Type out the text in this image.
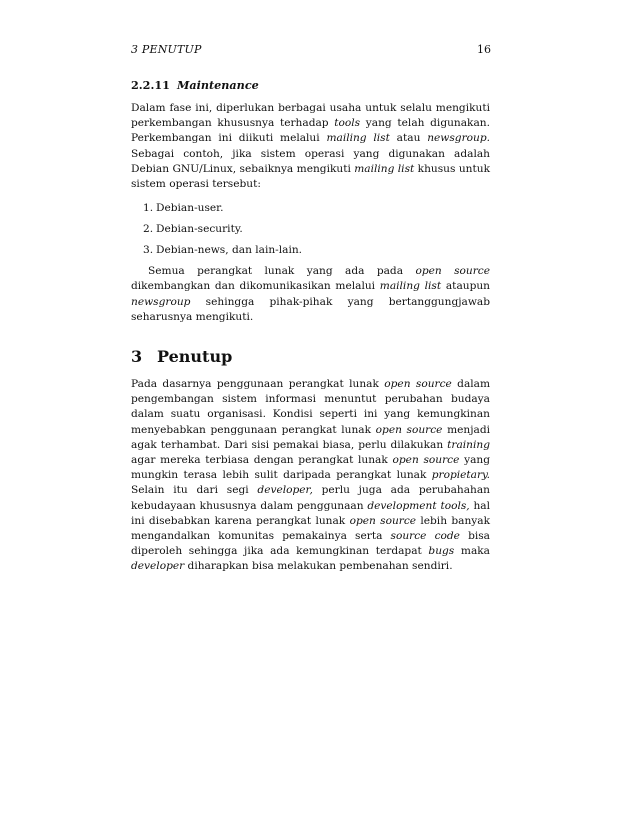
3 PENUTUP	16
2.2.11 Maintenance

Dalam fase ini, diperlukan berbagai usaha untuk selalu mengikuti perkembangan khususnya terhadap tools yang telah digunakan. Perkembangan ini diikuti melalui mailing list atau newsgroup. Sebagai contoh, jika sistem operasi yang digunakan adalah Debian GNU/Linux, sebaiknya mengikuti mailing list khusus untuk sistem operasi tersebut:

1. Debian-user.
2. Debian-security.
3. Debian-news, dan lain-lain.

Semua perangkat lunak yang ada pada open source dikembangkan dan dikomunikasikan melalui mailing list ataupun newsgroup sehingga pihak-pihak yang bertanggungjawab seharusnya mengikuti.

3 Penutup

Pada dasarnya penggunaan perangkat lunak open source dalam pengembangan sistem informasi menuntut perubahan budaya dalam suatu organisasi. Kondisi seperti ini yang kemungkinan menyebabkan penggunaan perangkat lunak open source menjadi agak terhambat. Dari sisi pemakai biasa, perlu dilakukan training agar mereka terbiasa dengan perangkat lunak open source yang mungkin terasa lebih sulit daripada perangkat lunak propietary. Selain itu dari segi developer, perlu juga ada perubahahan kebudayaan khususnya dalam penggunaan development tools, hal ini disebabkan karena perangkat lunak open source lebih banyak mengandalkan komunitas pemakainya serta source code bisa diperoleh sehingga jika ada kemungkinan terdapat bugs maka developer diharapkan bisa melakukan pembenahan sendiri.
